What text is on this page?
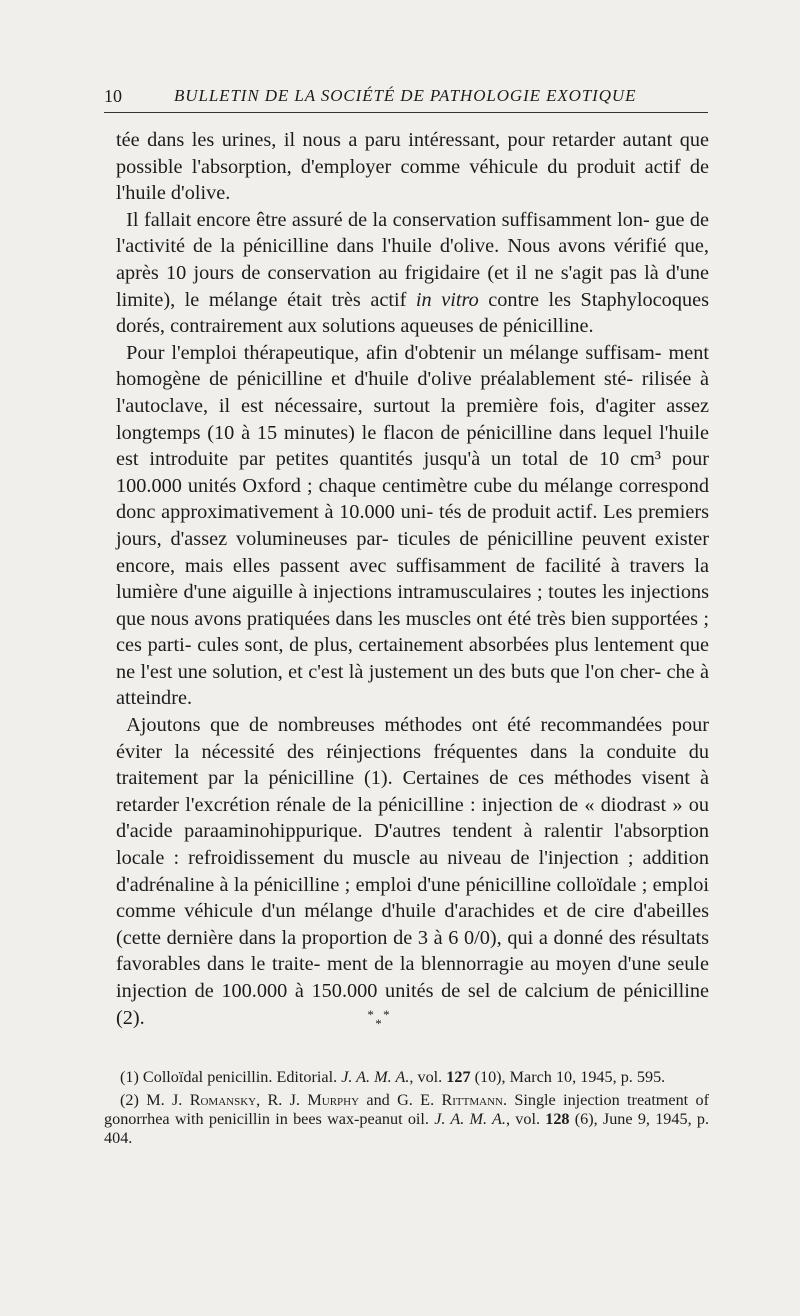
10	BULLETIN DE LA SOCIÉTÉ DE PATHOLOGIE EXOTIQUE

tée dans les urines, il nous a paru intéressant, pour retarder autant que possible l'absorption, d'employer comme véhicule du produit actif de l'huile d'olive.

 Il fallait encore être assuré de la conservation suffisamment lon- gue de l'activité de la pénicilline dans l'huile d'olive. Nous avons vérifié que, après 10 jours de conservation au frigidaire (et il ne s'agit pas là d'une limite), le mélange était très actif in vitro contre les Staphylocoques dorés, contrairement aux solutions aqueuses de pénicilline.

 Pour l'emploi thérapeutique, afin d'obtenir un mélange suffisam- ment homogène de pénicilline et d'huile d'olive préalablement sté- rilisée à l'autoclave, il est nécessaire, surtout la première fois, d'agiter assez longtemps (10 à 15 minutes) le flacon de pénicilline dans lequel l'huile est introduite par petites quantités jusqu'à un total de 10 cm³ pour 100.000 unités Oxford ; chaque centimètre cube du mélange correspond donc approximativement à 10.000 uni- tés de produit actif. Les premiers jours, d'assez volumineuses par- ticules de pénicilline peuvent exister encore, mais elles passent avec suffisamment de facilité à travers la lumière d'une aiguille à injections intramusculaires ; toutes les injections que nous avons pratiquées dans les muscles ont été très bien supportées ; ces parti- cules sont, de plus, certainement absorbées plus lentement que ne l'est une solution, et c'est là justement un des buts que l'on cher- che à atteindre.

 Ajoutons que de nombreuses méthodes ont été recommandées pour éviter la nécessité des réinjections fréquentes dans la conduite du traitement par la pénicilline (1). Certaines de ces méthodes visent à retarder l'excrétion rénale de la pénicilline : injection de « diodrast » ou d'acide paraaminohippurique. D'autres tendent à ralentir l'absorption locale : refroidissement du muscle au niveau de l'injection ; addition d'adrénaline à la pénicilline ; emploi d'une pénicilline colloïdale ; emploi comme véhicule d'un mélange d'huile d'arachides et de cire d'abeilles (cette dernière dans la proportion de 3 à 6 0/0), qui a donné des résultats favorables dans le traite- ment de la blennorragie au moyen d'une seule injection de 100.000 à 150.000 unités de sel de calcium de pénicilline (2).	* * *

(1) Colloïdal penicillin. Editorial. J. A. M. A., vol. 127 (10), March 10, 1945, p. 595.

(2) M. J. Romansky, R. J. Murphy and G. E. Rittmann. Single injection treatment of gonorrhea with penicillin in bees wax-peanut oil. J. A. M. A., vol. 128 (6), June 9, 1945, p. 404.
